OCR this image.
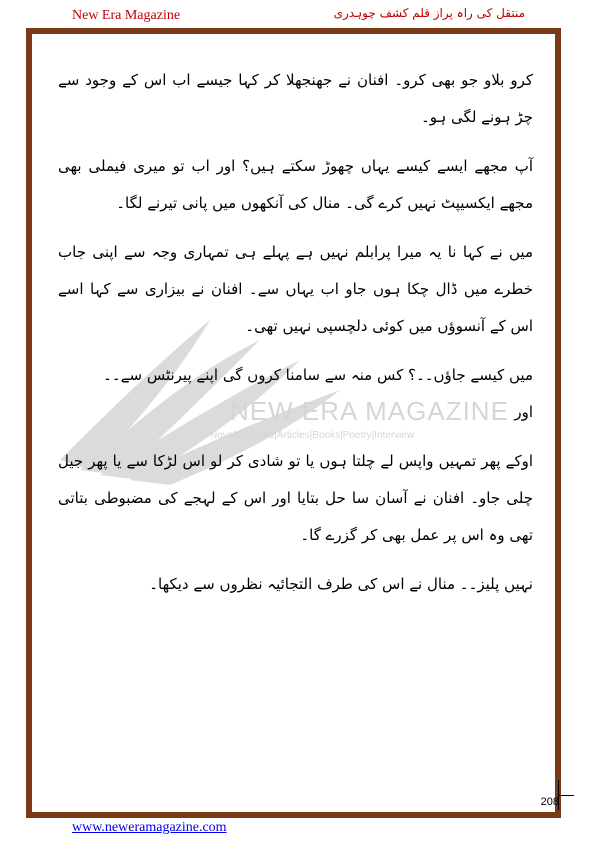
New Era Magazine	منتقل کی راہ پراز قلم کشف چوہدری
NEW ERA MAGAZINE
Novels|Afsana|Articles|Books|Poetry|Interview

کرو بلاو جو بھی کرو۔ افنان نے جھنجھلا کر کہا جیسے اب اس کے وجود سے چڑ ہونے لگی ہو۔

آپ مجھے ایسے کیسے یہاں چھوڑ سکتے ہیں؟ اور اب تو میری فیملی بھی مجھے ایکسیپٹ نہیں کرے گی۔ منال کی آنکھوں میں پانی تیرنے لگا۔

میں نے کہا نا یہ میرا پرابلم نہیں ہے پہلے ہی تمہاری وجہ سے اپنی جاب خطرے میں ڈال چکا ہوں جاو اب یہاں سے۔ افنان نے بیزاری سے کہا اسے اس کے آنسوؤں میں کوئی دلچسپی نہیں تھی۔

میں کیسے جاؤں۔۔؟ کس منہ سے سامنا کروں گی اپنے پیرنٹس سے۔۔

اور

اوکے پھر تمہیں واپس لے چلتا ہوں یا تو شادی کر لو اس لڑکا سے یا پھر جیل چلی جاو۔ افنان نے آسان سا حل بتایا اور اس کے لہجے کی مضبوطی بتاتی تھی وہ اس پر عمل بھی کر گزرے گا۔

نہیں پلیز۔۔ منال نے اس کی طرف التجائیہ نظروں سے دیکھا۔

208
www.neweramagazine.com
